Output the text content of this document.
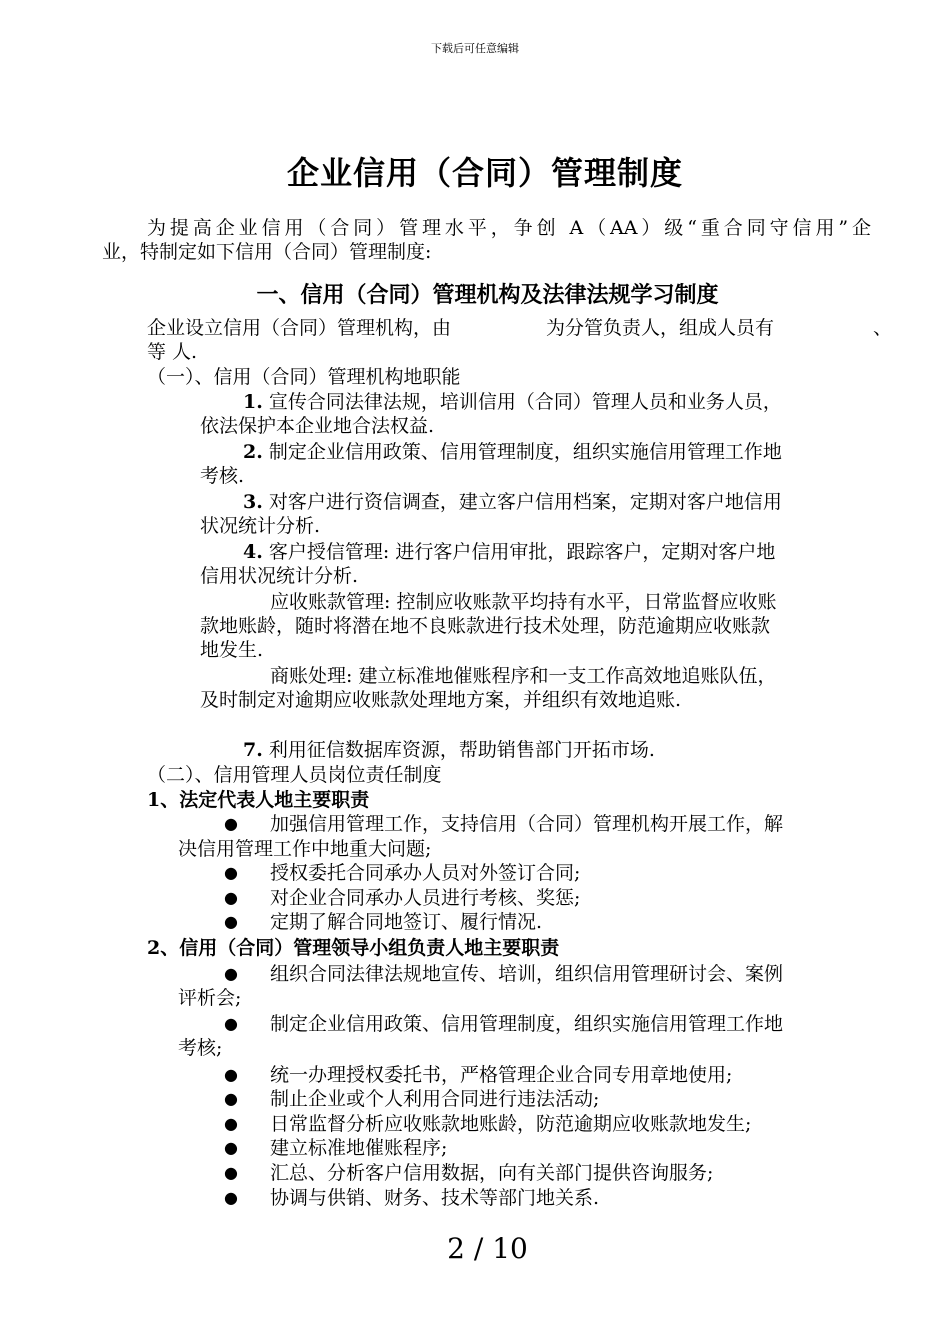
下载后可任意编辑
企业信用（合同）管理制度
为提高企业信用（合同）管理水平，争创 A（AA）级“重合同守信用”企
业，特制定如下信用（合同）管理制度:
一、信用（合同）管理机构及法律法规学习制度
企业设立信用（合同）管理机构，由	为分管负责人，组成人员有	、
等 人.
（一）、信用（合同）管理机构地职能
1. 宣传合同法律法规，培训信用（合同）管理人员和业务人员，
依法保护本企业地合法权益.
2. 制定企业信用政策、信用管理制度，组织实施信用管理工作地
考核.
3. 对客户进行资信调查，建立客户信用档案，定期对客户地信用
状况统计分析.
4. 客户授信管理: 进行客户信用审批，跟踪客户，定期对客户地
信用状况统计分析.
应收账款管理: 控制应收账款平均持有水平，日常监督应收账
款地账龄，随时将潜在地不良账款进行技术处理，防范逾期应收账款
地发生.
商账处理: 建立标准地催账程序和一支工作高效地追账队伍，
及时制定对逾期应收账款处理地方案，并组织有效地追账.
7. 利用征信数据库资源，帮助销售部门开拓市场.
（二）、信用管理人员岗位责任制度
1、法定代表人地主要职责
● 加强信用管理工作，支持信用（合同）管理机构开展工作，解
决信用管理工作中地重大问题;
● 授权委托合同承办人员对外签订合同;
● 对企业合同承办人员进行考核、奖惩;
● 定期了解合同地签订、履行情况.
2、信用（合同）管理领导小组负责人地主要职责
● 组织合同法律法规地宣传、培训，组织信用管理研讨会、案例
评析会;
● 制定企业信用政策、信用管理制度，组织实施信用管理工作地
考核;
● 统一办理授权委托书，严格管理企业合同专用章地使用;
● 制止企业或个人利用合同进行违法活动;
● 日常监督分析应收账款地账龄，防范逾期应收账款地发生;
● 建立标准地催账程序;
● 汇总、分析客户信用数据，向有关部门提供咨询服务;
● 协调与供销、财务、技术等部门地关系.
2 / 10
